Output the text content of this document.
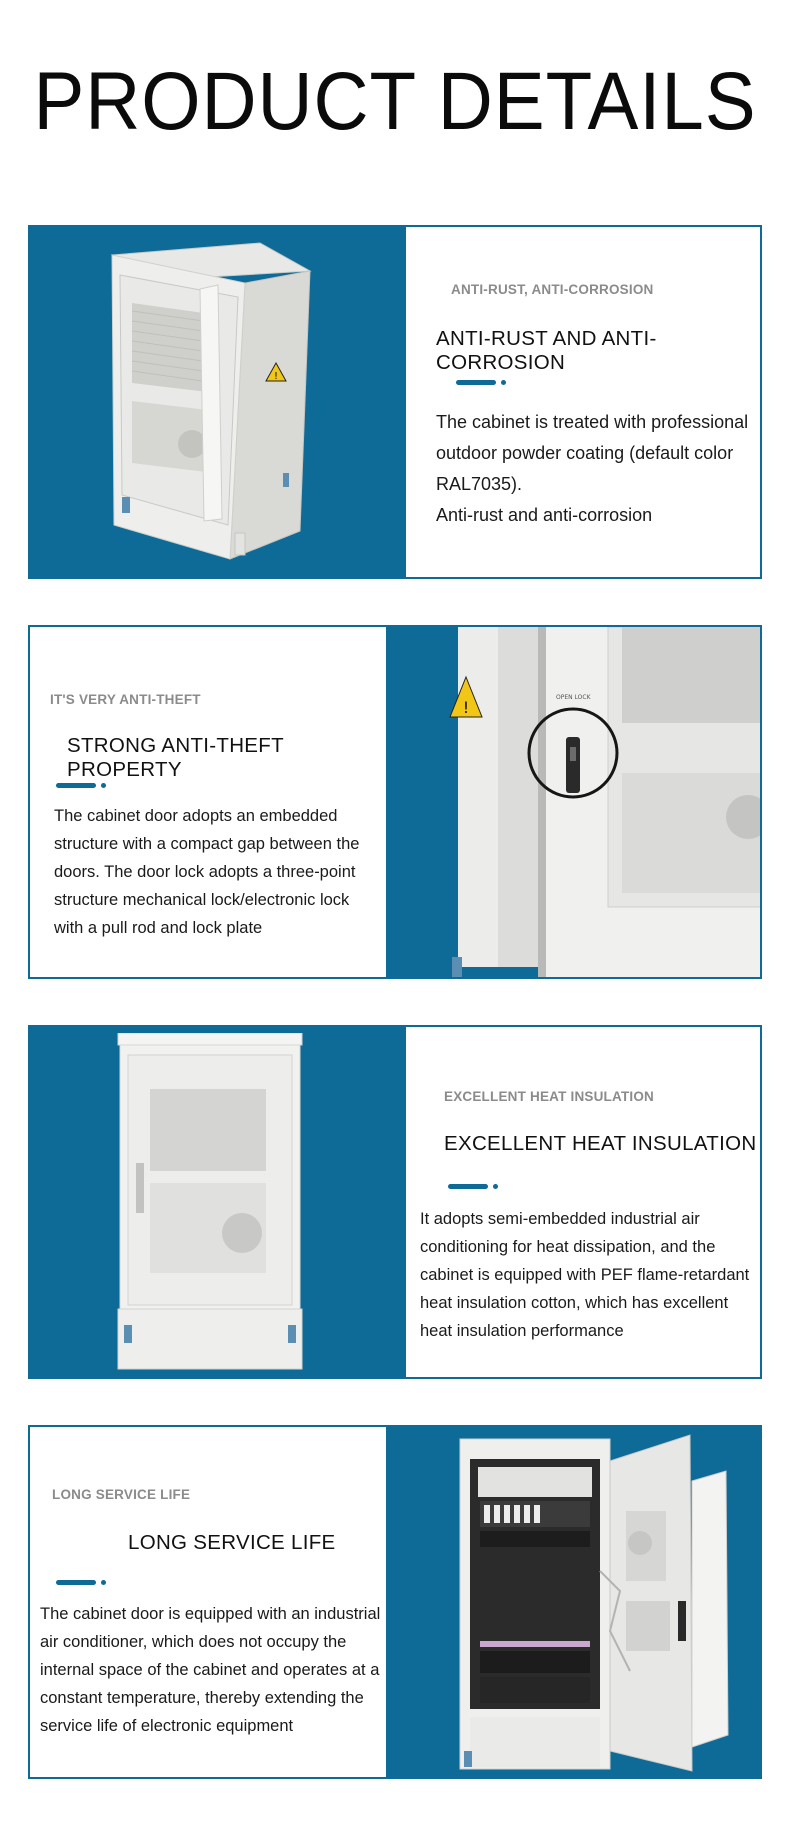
PRODUCT DETAILS
!
ANTI-RUST, ANTI-CORROSION
ANTI-RUST AND ANTI-CORROSION
The cabinet is treated with professional
outdoor powder coating (default color
RAL7035).
Anti-rust and anti-corrosion
!
OPEN LOCK
IT'S VERY ANTI-THEFT
STRONG ANTI-THEFT PROPERTY
The cabinet door adopts an embedded
structure with a compact gap between the
doors. The door lock adopts a three-point
structure mechanical lock/electronic lock
with a pull rod and lock plate
EXCELLENT HEAT INSULATION
EXCELLENT HEAT INSULATION
It adopts semi-embedded industrial air
conditioning for heat dissipation, and the
cabinet is equipped with PEF flame-retardant
heat insulation cotton, which has excellent
heat insulation performance
LONG SERVICE LIFE
LONG SERVICE LIFE
The cabinet door is equipped with an industrial
air conditioner, which does not occupy the
internal space of the cabinet and operates at a
constant temperature, thereby extending the
service life of electronic equipment
